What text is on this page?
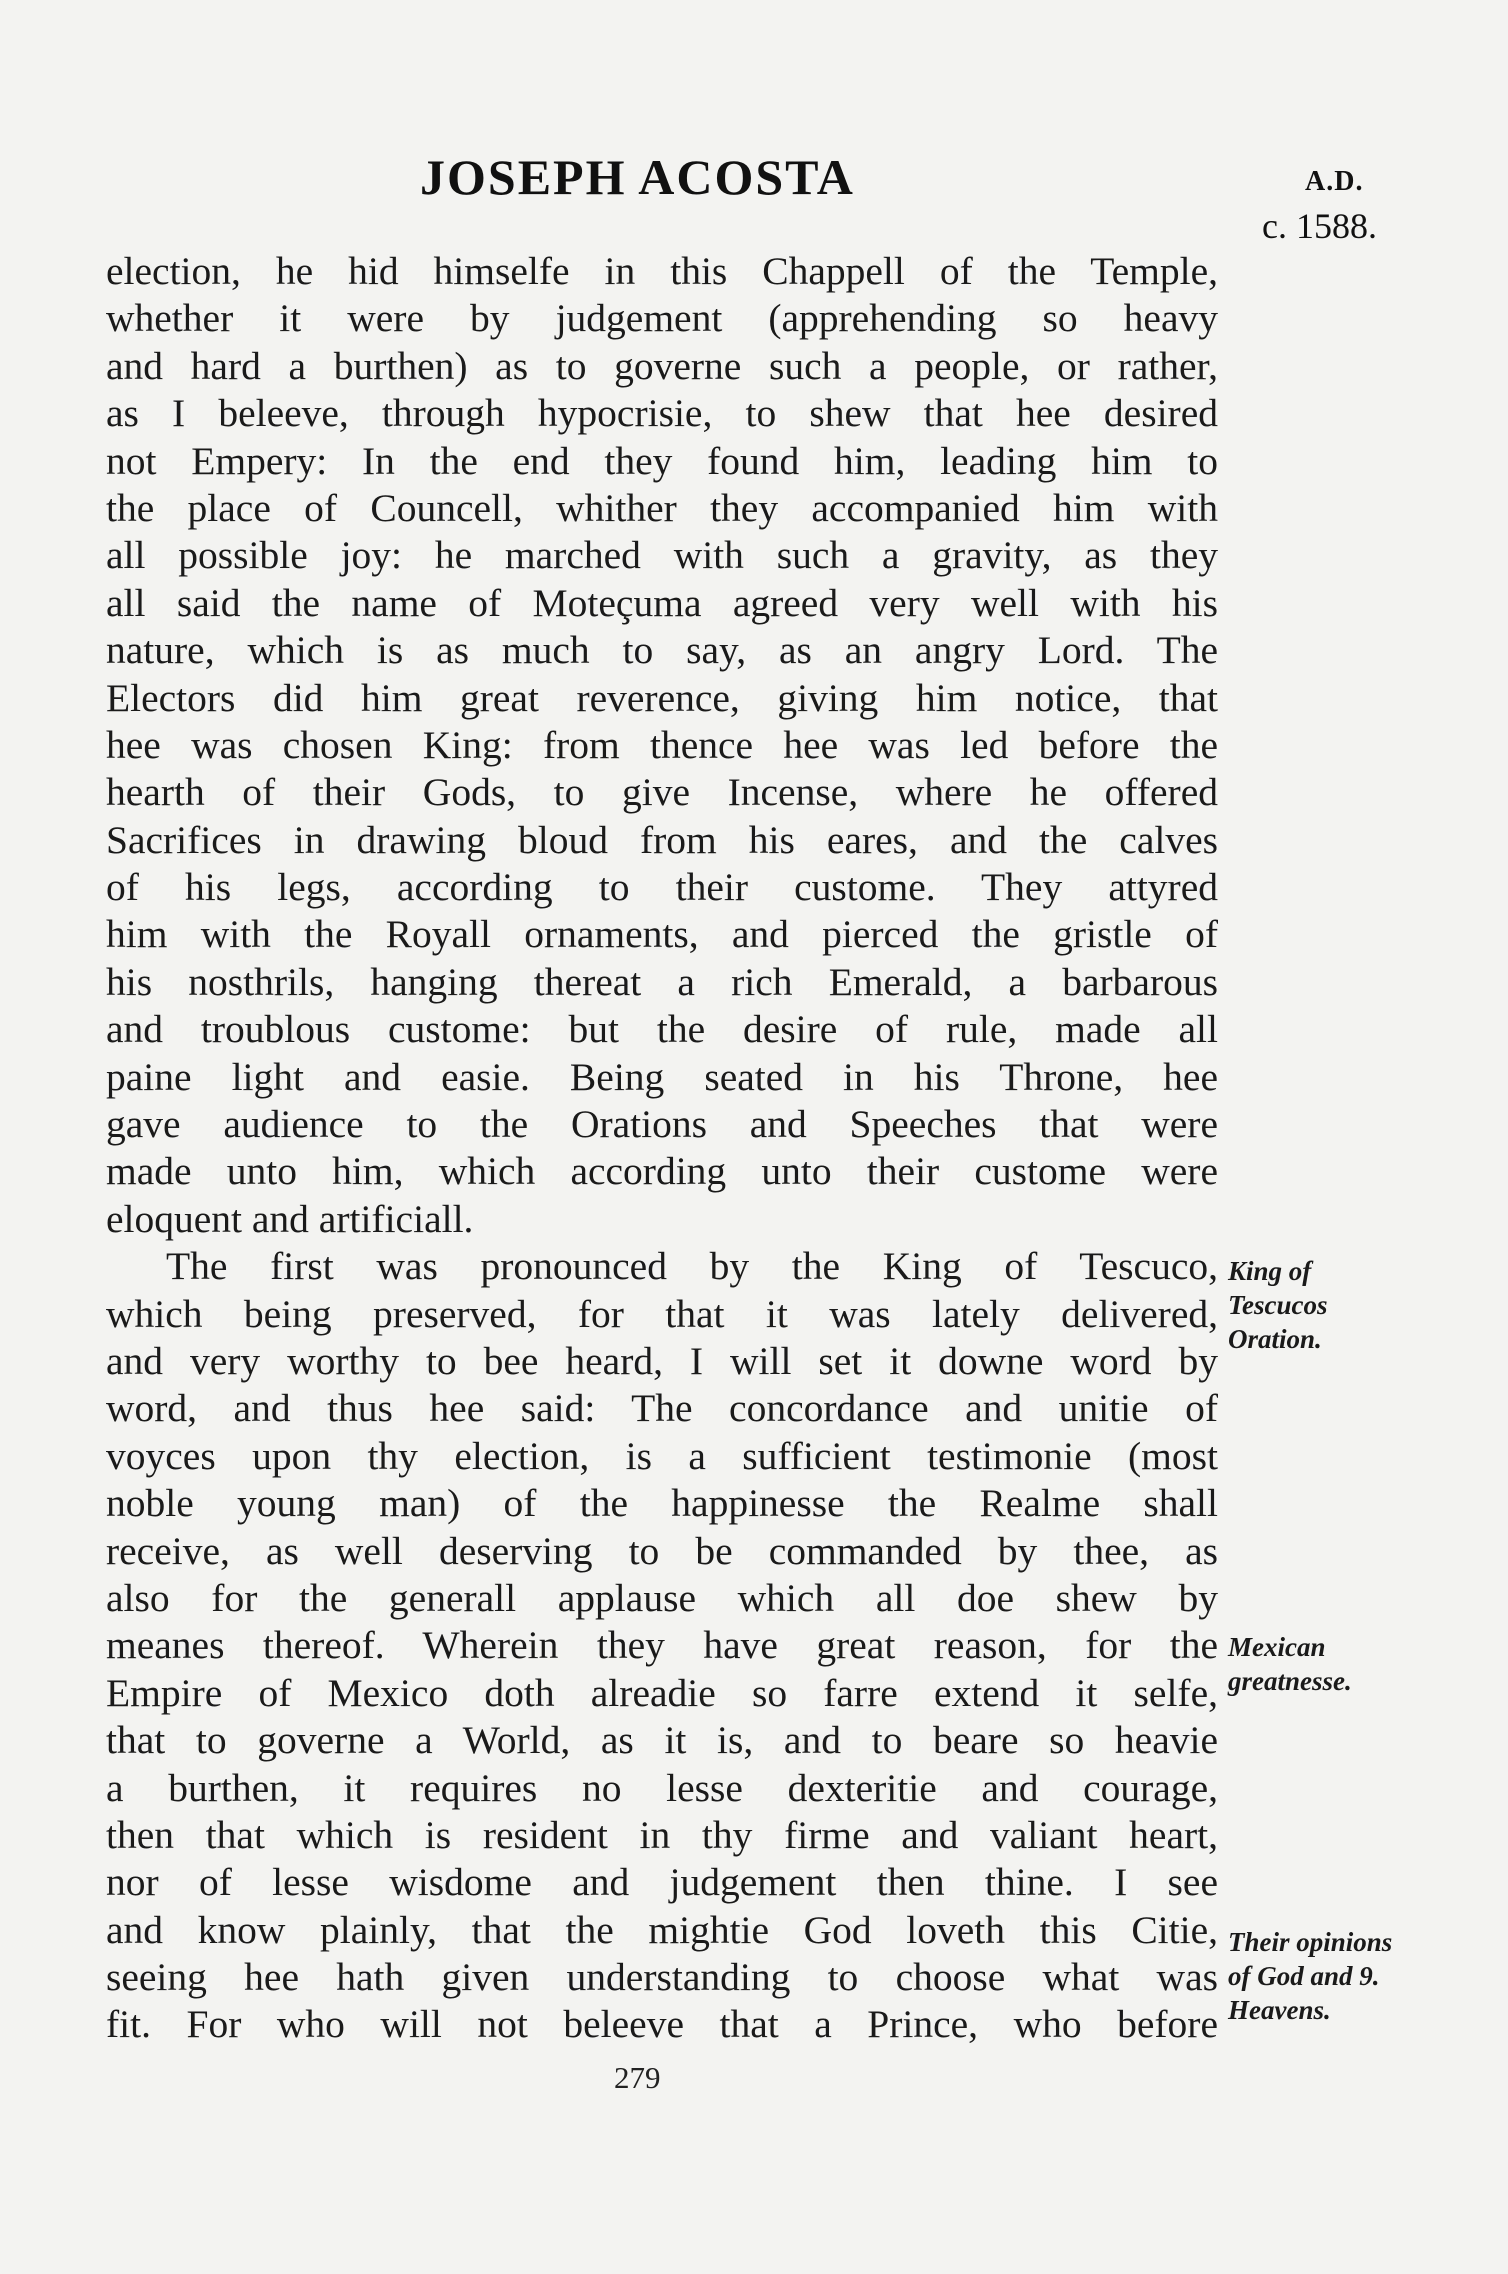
JOSEPH ACOSTA	A.D.
c. 1588.
election, he hid himselfe in this Chappell of the Temple,
whether it were by judgement (apprehending so heavy
and hard a burthen) as to governe such a people, or rather,
as I beleeve, through hypocrisie, to shew that hee desired
not Empery: In the end they found him, leading him to
the place of Councell, whither they accompanied him with
all possible joy: he marched with such a gravity, as they
all said the name of Moteçuma agreed very well with his
nature, which is as much to say, as an angry Lord. The
Electors did him great reverence, giving him notice, that
hee was chosen King: from thence hee was led before the
hearth of their Gods, to give Incense, where he offered
Sacrifices in drawing bloud from his eares, and the calves
of his legs, according to their custome. They attyred
him with the Royall ornaments, and pierced the gristle of
his nosthrils, hanging thereat a rich Emerald, a barbarous
and troublous custome: but the desire of rule, made all
paine light and easie. Being seated in his Throne, hee
gave audience to the Orations and Speeches that were
made unto him, which according unto their custome were
eloquent and artificiall.
The first was pronounced by the King of Tescuco,
which being preserved, for that it was lately delivered,
and very worthy to bee heard, I will set it downe word by
word, and thus hee said: The concordance and unitie of
voyces upon thy election, is a sufficient testimonie (most
noble young man) of the happinesse the Realme shall
receive, as well deserving to be commanded by thee, as
also for the generall applause which all doe shew by
meanes thereof. Wherein they have great reason, for the
Empire of Mexico doth alreadie so farre extend it selfe,
that to governe a World, as it is, and to beare so heavie
a burthen, it requires no lesse dexteritie and courage,
then that which is resident in thy firme and valiant heart,
nor of lesse wisdome and judgement then thine. I see
and know plainly, that the mightie God loveth this Citie,
seeing hee hath given understanding to choose what was
fit. For who will not beleeve that a Prince, who before
King of
Tescucos
Oration.
Mexican
greatnesse.
Their opinions
of God and 9.
Heavens.
279
